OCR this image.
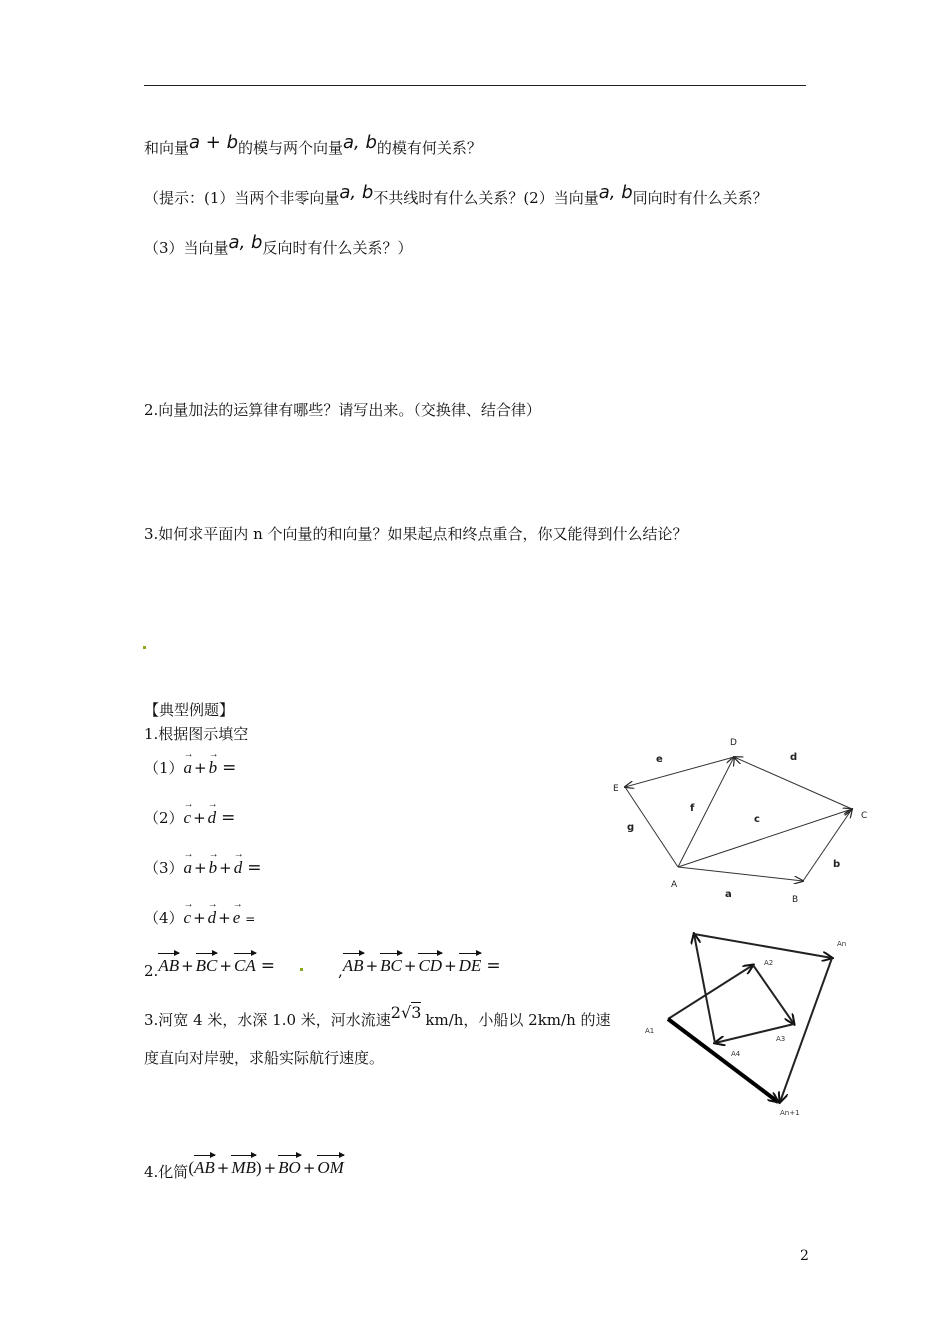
和向量a + b的模与两个向量a, b的模有何关系？
（提示：(1）当两个非零向量a, b不共线时有什么关系？(2）当向量a, b同向时有什么关系？
（3）当向量a, b反向时有什么关系？）
2.向量加法的运算律有哪些？请写出来。（交换律、结合律）
3.如何求平面内 n 个向量的和向量？如果起点和终点重合，你又能得到什么结论？
【典型例题】
1.根据图示填空
（1）→ a + → b =
（2）→ c + → d =
（3）→ a + → b + → d =
（4）→ c + → d + → e =
2.AB + BC + CA =	,AB + BC + CD + DE =
3.河宽 4 米，水深 1.0 米，河水流速2√3 km/h，小船以 2km/h 的速
度直向对岸驶，求船实际航行速度。
4.化简(AB + MB) + BO + OM
D
E
C
A
B
e	d
f
c
g
b
a
A1
A2
A3
A4
An
An+1
2
